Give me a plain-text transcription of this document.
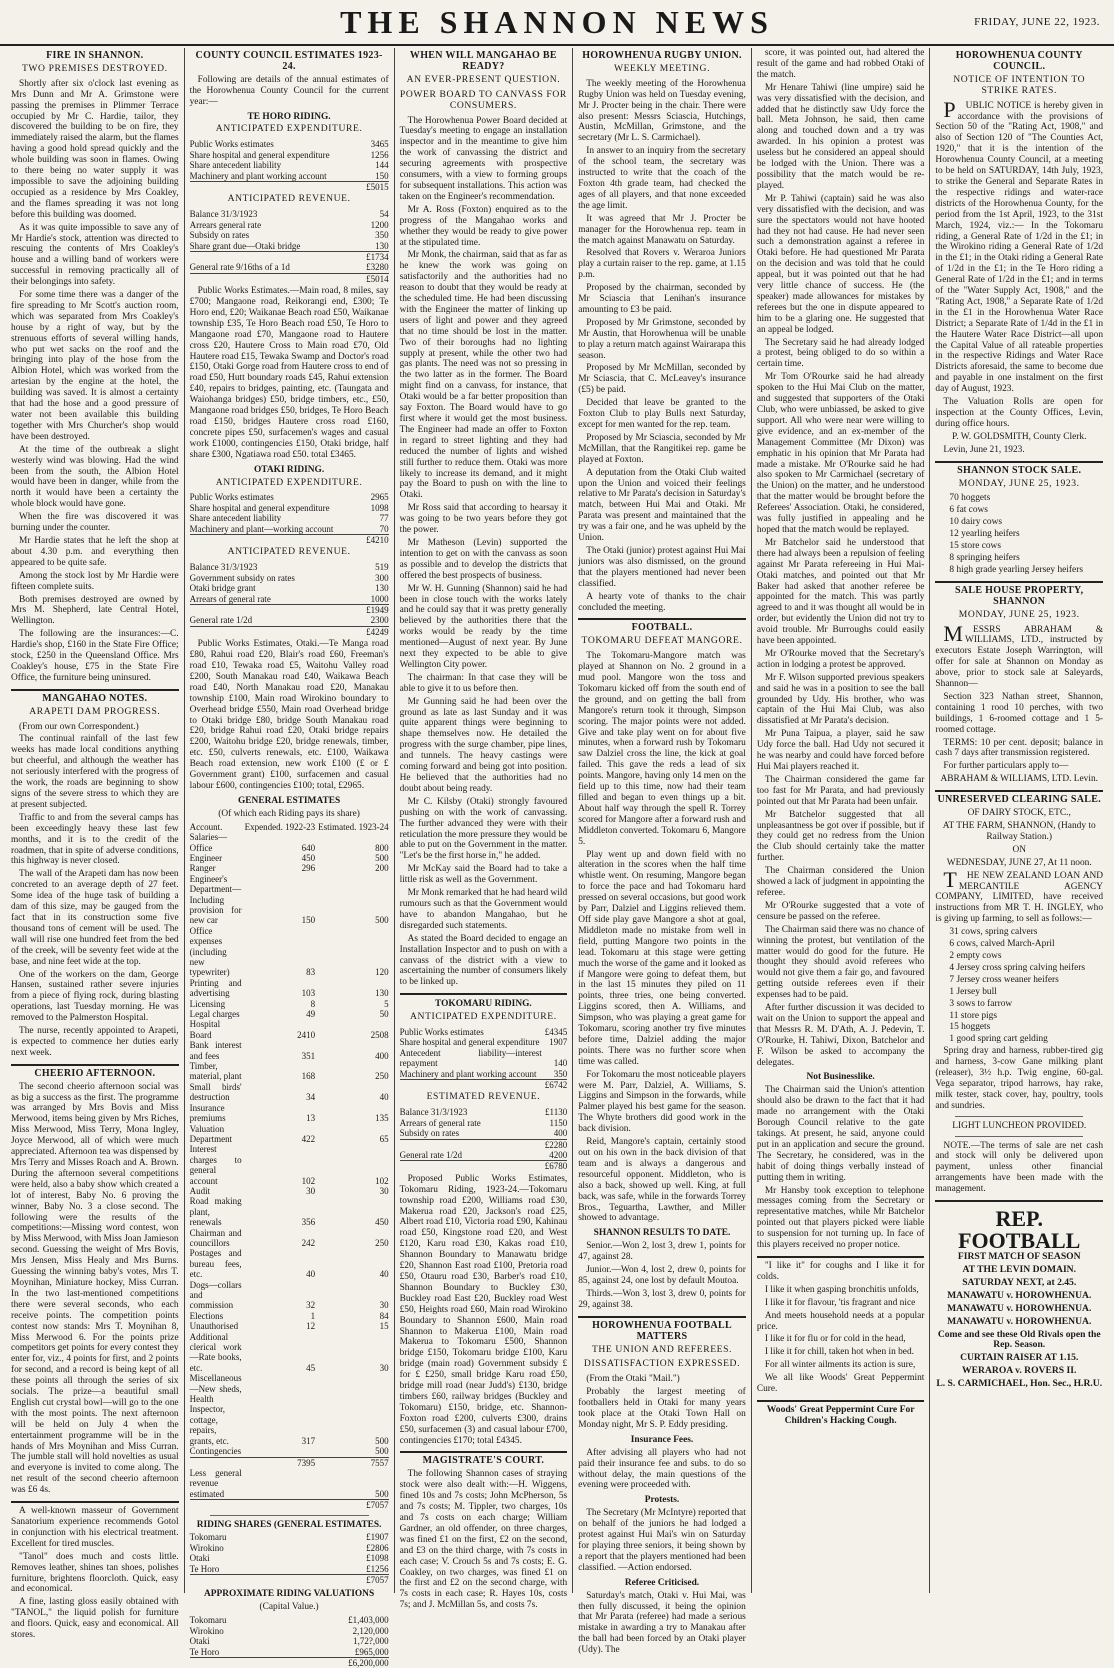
THE SHANNON NEWS	FRIDAY, JUNE 22, 1923.
FIRE IN SHANNON.
TWO PREMISES DESTROYED.

Shortly after six o'clock last evening as Mrs Dunn and Mr A. Grimstone were passing the premises in Plimmer Terrace occupied by Mr C. Hardie, tailor, they discovered the building to be on fire, they immediately raised the alarm, but the flames having a good hold spread quickly and the whole building was soon in flames. Owing to there being no water supply it was impossible to save the adjoining building occupied as a residence by Mrs Coakley, and the flames spreading it was not long before this building was doomed.

As it was quite impossible to save any of Mr Hardie's stock, attention was directed to rescuing the contents of Mrs Coakley's house and a willing band of workers were successful in removing practically all of their belongings into safety.

For some time there was a danger of the fire spreading to Mr Scott's auction room, which was separated from Mrs Coakley's house by a right of way, but by the strenuous efforts of several willing hands, who put wet sacks on the roof and the bringing into play of the hose from the Albion Hotel, which was worked from the artesian by the engine at the hotel, the building was saved. It is almost a certainty that had the hose and a good pressure of water not been available this building together with Mrs Churcher's shop would have been destroyed.

At the time of the outbreak a slight westerly wind was blowing. Had the wind been from the south, the Albion Hotel would have been in danger, while from the north it would have been a certainty the whole block would have gone.

When the fire was discovered it was burning under the counter.

Mr Hardie states that he left the shop at about 4.30 p.m. and everything then appeared to be quite safe.

Among the stock lost by Mr Hardie were fifteen complete suits.

Both premises destroyed are owned by Mrs M. Shepherd, late Central Hotel, Wellington.

The following are the insurances:—C. Hardie's shop, £160 in the State Fire Office; stock, £250 in the Queensland Office. Mrs Coakley's house, £75 in the State Fire Office, the furniture being uninsured.

MANGAHAO NOTES.
ARAPETI DAM PROGRESS.

(From our own Correspondent.)

The continual rainfall of the last few weeks has made local conditions anything but cheerful, and although the weather has not seriously interfered with the progress of the work, the roads are beginning to show signs of the severe stress to which they are at present subjected.

Traffic to and from the several camps has been exceedingly heavy these last few months, and it is to the credit of the roadmen, that in spite of adverse conditions, this highway is never closed.

The wall of the Arapeti dam has now been concreted to an average depth of 27 feet. Some idea of the huge task of building a dam of this size, may be gauged from the fact that in its construction some five thousand tons of cement will be used. The wall will rise one hundred feet from the bed of the creek, will be seventy feet wide at the base, and nine feet wide at the top.

One of the workers on the dam, George Hansen, sustained rather severe injuries from a piece of flying rock, during blasting operations, last Tuesday morning. He was removed to the Palmerston Hospital.

The nurse, recently appointed to Arapeti, is expected to commence her duties early next week.

CHEERIO AFTERNOON.

The second cheerio afternoon social was as big a success as the first. The programme was arranged by Mrs Bovis and Miss Merwood, items being given by Mrs Riches, Miss Merwood, Miss Terry, Mona Ingley, Joyce Merwood, all of which were much appreciated. Afternoon tea was dispensed by Mrs Terry and Misses Roach and A. Brown. During the afternoon several competitions were held, also a baby show which created a lot of interest, Baby No. 6 proving the winner, Baby No. 3 a close second. The following were the results of the competitions:—Missing word contest, won by Miss Merwood, with Miss Joan Jamieson second. Guessing the weight of Mrs Bovis, Mrs Jensen, Miss Healy and Mrs Burns. Guessing the winning baby's votes, Mrs T. Moynihan, Miniature hockey, Miss Curran. In the two last-mentioned competitions there were several seconds, who each receive points. The competition points contest now stands: Mrs T. Moynihan 8, Miss Merwood 6. For the points prize competitors get points for every contest they enter for, viz., 4 points for first, and 2 points for second, and a record is being kept of all these points all through the series of six socials. The prize—a beautiful small English cut crystal bowl—will go to the one with the most points. The next afternoon will be held on July 4 when the entertainment programme will be in the hands of Mrs Moynihan and Miss Curran. The jumble stall will hold novelties as usual and everyone is invited to come along. The net result of the second cheerio afternoon was £6 4s.

A well-known masseur of Government Sanatorium experience recommends Gotol in conjunction with his electrical treatment. Excellent for tired muscles.

"Tanol" does much and costs little. Removes leather, shines tan shoes, polishes furniture, brightens floorcloth. Quick, easy and economical.

A fine, lasting gloss easily obtained with "TANOL," the liquid polish for furniture and floors. Quick, easy and economical. All stores.

COUNTY COUNCIL ESTIMATES 1923-24.

Following are details of the annual estimates of the Horowhenua County Council for the current year:—

TE HORO RIDING.
ANTICIPATED EXPENDITURE.
Public Works estimates	3465
Share hospital and general expenditure	1256
Share antecedent liability	144
Machinery and plant working account	150
	£5015
ANTICIPATED REVENUE.
Balance 31/3/1923	54
Arrears general rate	1200
Subsidy on rates	350
Share grant due—Otaki bridge	130
	£1734
General rate 9/16ths of a 1d	£3280
	£5014

Public Works Estimates.—Main road, 8 miles, say £700; Mangaone road, Reikorangi end, £300; Te Horo end, £20; Waikanae Beach road £50, Waikanae township £35, Te Horo Beach road £50, Te Horo to Mangaone road £70, Mangaone road to Hautere cross £20, Hautere Cross to Main road £70, Old Hautere road £15, Tewaka Swamp and Doctor's road £150, Otaki Gorge road from Hautere cross to end of road £50, Hutt boundary roads £45, Rahui extension £40, repairs to bridges, painting, etc. (Taungata and Waiohanga bridges) £50, bridge timbers, etc., £50, Mangaone road bridges £50, bridges, Te Horo Beach road £150, bridges Hautere cross road £160, concrete pipes £50, surfacemen's wages and casual work £1000, contingencies £150, Otaki bridge, half share £300, Ngatiawa road £50. total £3465.

OTAKI RIDING.
ANTICIPATED EXPENDITURE.
Public Works estimates	2965
Share hospital and general expenditure	1098
Share antecedent liability	77
Machinery and plant—working account	70
	£4210
ANTICIPATED REVENUE.
Balance 31/3/1923	519
Government subsidy on rates	300
Otaki bridge grant	130
Arrears of general rate	1000
	£1949
General rate 1/2d	2300
	£4249

Public Works Estimates, Otaki.—Te Manga road £80, Rahui road £20, Blair's road £60, Freeman's road £10, Tewaka road £5, Waitohu Valley road £200, South Manakau road £40, Waikawa Beach road £40, North Manakau road £20, Manakau township £100, Main road Wirokino boundary to Overhead bridge £550, Main road Overhead bridge to Otaki bridge £80, bridge South Manakau road £20, bridge Rahui road £20, Otaki bridge repairs £200, Waitohu bridge £20, bridge renewals, timber, etc. £50, culverts renewals, etc. £100, Waikawa Beach road extension, new work £100 (£ or £ Government grant) £100, surfacemen and casual labour £600, contingencies £100; total, £2965.

GENERAL ESTIMATES

(Of which each Riding pays its share)

Account.	Expended. 1922-23	Estimated. 1923-24
Salaries—		
Office	640	800
Engineer	450	500
Ranger	296	200
Engineer's Department—Including provision for new car	150	500
Office expenses (including new typewriter)	83	120
Printing and advertising	103	130
Licensing	8	5
Legal charges	49	50
Hospital Board	2410	2508
Bank interest and fees	351	400
Timber, material, plant	168	250
Small birds' destruction	34	40
Insurance premiums	13	135
Valuation Department	422	65
Interest charges to general account	102	102
Audit	30	30
Road making plant, renewals	356	450
Chairman and councillors	242	250
Postages and bureau fees, etc.	40	40
Dogs—collars and commission	32	30
Elections	1	84
Unauthorised	12	15
Additional clerical work—Rate books, etc.	45	30
Miscellaneous—New sheds, Health Inspector, cottage, repairs, grants, etc.	317	500
Contingencies		500
	7395	7557
Less general revenue estimated		500
		£7057
RIDING SHARES (GENERAL ESTIMATES.
Tokomaru	£1907
Wirokino	£2806
Otaki	£1098
Te Horo	£1256
	£7057
APPROXIMATE RIDING VALUATIONS

(Capital Value.)

Tokomaru	£1,403,000
Wirokino	2,120,000
Otaki	1,72?,000
Te Horo	£965,000
	£6,200,000
WHEN WILL MANGAHAO BE READY?
AN EVER-PRESENT QUESTION.
POWER BOARD TO CANVASS FOR CONSUMERS.

The Horowhenua Power Board decided at Tuesday's meeting to engage an installation inspector and in the meantime to give him the work of canvassing the district and securing agreements with prospective consumers, with a view to forming groups for subsequent installations. This action was taken on the Engineer's recommendation.

Mr A. Ross (Foxton) enquired as to the progress of the Mangahao works and whether they would be ready to give power at the stipulated time.

Mr Monk, the chairman, said that as far as he knew the work was going on satisfactorily and the authorities had no reason to doubt that they would be ready at the scheduled time. He had been discussing with the Engineer the matter of linking up users of light and power and they agreed that no time should be lost in the matter. Two of their boroughs had no lighting supply at present, while the other two had gas plants. The need was not so pressing in the two latter as in the former. The Board might find on a canvass, for instance, that Otaki would be a far better proposition than say Foxton. The Board would have to go first where it would get the most business. The Engineer had made an offer to Foxton in regard to street lighting and they had reduced the number of lights and wished still further to reduce them. Otaki was more likely to increase its demand, and it might pay the Board to push on with the line to Otaki.

Mr Ross said that according to hearsay it was going to be two years before they got the power.

Mr Matheson (Levin) supported the intention to get on with the canvass as soon as possible and to develop the districts that offered the best prospects of business.

Mr W. H. Gunning (Shannon) said he had been in close touch with the works lately and he could say that it was pretty generally believed by the authorities there that the works would be ready by the time mentioned—August of next year. By June next they expected to be able to give Wellington City power.

The chairman: In that case they will be able to give it to us before then.

Mr Gunning said he had been over the ground as late as last Sunday and it was quite apparent things were beginning to shape themselves now. He detailed the progress with the surge chamber, pipe lines, and tunnels. The heavy castings were coming forward and being got into position. He believed that the authorities had no doubt about being ready.

Mr C. Kilsby (Otaki) strongly favoured pushing on with the work of canvassing. The further advanced they were with their reticulation the more pressure they would be able to put on the Government in the matter. "Let's be the first horse in," he added.

Mr McKay said the Board had to take a little risk as well as the Government.

Mr Monk remarked that he had heard wild rumours such as that the Government would have to abandon Mangahao, but he disregarded such statements.

As stated the Board decided to engage an Installation Inspector and to push on with a canvass of the district with a view to ascertaining the number of consumers likely to be linked up.

TOKOMARU RIDING.
ANTICIPATED EXPENDITURE.
Public Works estimates	£4345
Share hospital and general expenditure	1907
Antecedent liability—interest repayment	140
Machinery and plant working account	350
	£6742
ESTIMATED REVENUE.
Balance 31/3/1923	£1130
Arrears of general rate	1150
Subsidy on rates	400
	£2280
General rate 1/2d	4200
	£6780

Proposed Public Works Estimates, Tokomaru Riding, 1923-24.—Tokomaru township road £200, Williams road £30, Makerua road £20, Jackson's road £25, Albert road £10, Victoria road £90, Kahinau road £50, Kingstone road £20, and West £120, Karu road £30, Kakas road £10, Shannon Boundary to Manawatu bridge £20, Shannon East road £100, Pretoria road £50, Otauru road £30, Barber's road £10, Shannon Boundary to Buckley £30, Buckley road East £20, Buckley road West £50, Heights road £60, Main road Wirokino Boundary to Shannon £600, Main road Shannon to Makerua £100, Main road Makerua to Tokomaru £500, Shannon bridge £150, Tokomaru bridge £100, Karu bridge (main road) Government subsidy £ for £ £250, small bridge Karu road £50, bridge mill road (near Judd's) £130, bridge timbers £60, railway bridges (Buckley and Tokomaru) £150, bridge, etc. Shannon-Foxton road £200, culverts £300, drains £50, surfacemen (3) and casual labour £700, contingencies £170; total £4345.

MAGISTRATE'S COURT.

The following Shannon cases of straying stock were also dealt with:—H. Wiggens, fined 10s and 7s costs; John McPherson, 5s and 7s costs; M. Tippler, two charges, 10s and 7s costs on each charge; William Gardner, an old offender, on three charges, was fined £1 on the first, £2 on the second, and £3 on the third charge, with 7s costs in each case; V. Crouch 5s and 7s costs; E. G. Coakley, on two charges, was fined £1 on the first and £2 on the second charge, with 7s costs in each case; R. Hayes 10s, costs 7s; and J. McMillan 5s, and costs 7s.

HOROWHENUA RUGBY UNION.
WEEKLY MEETING.

The weekly meeting of the Horowhenua Rugby Union was held on Tuesday evening, Mr J. Procter being in the chair. There were also present: Messrs Sciascia, Hutchings, Austin, McMillan, Grimstone, and the secretary (Mr L. S. Carmichael).

In answer to an inquiry from the secretary of the school team, the secretary was instructed to write that the coach of the Foxton 4th grade team, had checked the ages of all players, and that none exceeded the age limit.

It was agreed that Mr J. Procter be manager for the Horowhenua rep. team in the match against Manawatu on Saturday.

Resolved that Rovers v. Weraroa Juniors play a curtain raiser to the rep. game, at 1.15 p.m.

Proposed by the chairman, seconded by Mr Sciascia that Lenihan's insurance amounting to £3 be paid.

Proposed by Mr Grimstone, seconded by Mr Austin, that Horowhenua will be unable to play a return match against Wairarapa this season.

Proposed by Mr McMillan, seconded by Mr Sciascia, that C. McLeavey's insurance (£5) be paid.

Decided that leave be granted to the Foxton Club to play Bulls next Saturday, except for men wanted for the rep. team.

Proposed by Mr Sciascia, seconded by Mr McMillan, that the Rangitikei rep. game be played at Foxton.

A deputation from the Otaki Club waited upon the Union and voiced their feelings relative to Mr Parata's decision in Saturday's match, between Hui Mai and Otaki. Mr Parata was present and maintained that the try was a fair one, and he was upheld by the Union.

The Otaki (junior) protest against Hui Mai juniors was also dismissed, on the ground that the players mentioned had never been classified.

A hearty vote of thanks to the chair concluded the meeting.

FOOTBALL.
TOKOMARU DEFEAT MANGORE.

The Tokomaru-Mangore match was played at Shannon on No. 2 ground in a mud pool. Mangore won the toss and Tokomaru kicked off from the south end of the ground, and on getting the ball from Mangore's return took it through, Simpson scoring. The major points were not added. Give and take play went on for about five minutes, when a forward rush by Tokomaru saw Dalziel cross the line, the kick at goal failed. This gave the reds a lead of six points. Mangore, having only 14 men on the field up to this time, now had their team filled and began to even things up a bit. About half way through the spell R. Torrey scored for Mangore after a forward rush and Middleton converted. Tokomaru 6, Mangore 5.

Play went up and down field with no alteration in the scores when the half time whistle went. On resuming, Mangore began to force the pace and had Tokomaru hard pressed on several occasions, but good work by Parr, Dalziel and Liggins relieved them. Off side play gave Mangore a shot at goal, Middleton made no mistake from well in field, putting Mangore two points in the lead. Tokomaru at this stage were getting much the worse of the game and it looked as if Mangore were going to defeat them, but in the last 15 minutes they piled on 11 points, three tries, one being converted. Liggins scored, then A. Williams, and Simpson, who was playing a great game for Tokomaru, scoring another try five minutes before time, Dalziel adding the major points. There was no further score when time was called.

For Tokomaru the most noticeable players were M. Parr, Dalziel, A. Williams, S. Liggins and Simpson in the forwards, while Palmer played his best game for the season. The Whyte brothers did good work in the back division.

Reid, Mangore's captain, certainly stood out on his own in the back division of that team and is always a dangerous and resourceful opponent. Middleton, who is also a back, showed up well. King, at full back, was safe, while in the forwards Torrey Bros., Teguartha, Lawther, and Miller showed to advantage.

SHANNON RESULTS TO DATE.

Senior.—Won 2, lost 3, drew 1, points for 47, against 28.

Junior.—Won 4, lost 2, drew 0, points for 85, against 24, one lost by default Moutoa.

Thirds.—Won 3, lost 3, drew 0, points for 29, against 38.

HOROWHENUA FOOTBALL MATTERS
THE UNION AND REFEREES.
DISSATISFACTION EXPRESSED.

(From the Otaki "Mail.")

Probably the largest meeting of footballers held in Otaki for many years took place at the Otaki Town Hall on Monday night, Mr S. P. Eddy presiding.

Insurance Fees.

After advising all players who had not paid their insurance fee and subs. to do so without delay, the main questions of the evening were proceeded with.

Protests.

The Secretary (Mr McIntyre) reported that on behalf of the juniors he had lodged a protest against Hui Mai's win on Saturday for playing three seniors, it being shown by a report that the players mentioned had been classified. —Action endorsed.

Referee Criticised.

Saturday's match, Otaki v. Hui Mai, was then fully discussed, it being the opinion that Mr Parata (referee) had made a serious mistake in awarding a try to Manakau after the ball had been forced by an Otaki player (Udy). The

score, it was pointed out, had altered the result of the game and had robbed Otaki of the match.

Mr Henare Tahiwi (line umpire) said he was very dissatisfied with the decision, and added that he distinctly saw Udy force the ball. Meta Johnson, he said, then came along and touched down and a try was awarded. In his opinion a protest was useless but he considered an appeal should be lodged with the Union. There was a possibility that the match would be re-played.

Mr P. Tahiwi (captain) said he was also very dissatisfied with the decision, and was sure the spectators would not have hooted had they not had cause. He had never seen such a demonstration against a referee in Otaki before. He had questioned Mr Parata on the decision and was told that he could appeal, but it was pointed out that he had very little chance of success. He (the speaker) made allowances for mistakes by referees but the one in dispute appeared to him to be a glaring one. He suggested that an appeal be lodged.

The Secretary said he had already lodged a protest, being obliged to do so within a certain time.

Mr Tom O'Rourke said he had already spoken to the Hui Mai Club on the matter, and suggested that supporters of the Otaki Club, who were unbiassed, be asked to give support. All who were near were willing to give evidence, and an ex-member of the Management Committee (Mr Dixon) was emphatic in his opinion that Mr Parata had made a mistake. Mr O'Rourke said he had also spoken to Mr Carmichael (secretary of the Union) on the matter, and he understood that the matter would be brought before the Referees' Association. Otaki, he considered, was fully justified in appealing and he hoped that the match would be replayed.

Mr Batchelor said he understood that there had always been a repulsion of feeling against Mr Parata refereeing in Hui Mai-Otaki matches, and pointed out that Mr Baker had asked that another referee be appointed for the match. This was partly agreed to and it was thought all would be in order, but evidently the Union did not try to avoid trouble. Mr Burroughs could easily have been appointed.

Mr O'Rourke moved that the Secretary's action in lodging a protest be approved.

Mr F. Wilson supported previous speakers and said he was in a position to see the ball grounded by Udy. His brother, who was captain of the Hui Mai Club, was also dissatisfied at Mr Parata's decision.

Mr Puna Taipua, a player, said he saw Udy force the ball. Had Udy not secured it he was nearby and could have forced before Hui Mai players reached it.

The Chairman considered the game far too fast for Mr Parata, and had previously pointed out that Mr Parata had been unfair.

Mr Batchelor suggested that all unpleasantness be got over if possible, but if they could get no redress from the Union the Club should certainly take the matter further.

The Chairman considered the Union showed a lack of judgment in appointing the referee.

Mr O'Rourke suggested that a vote of censure be passed on the referee.

The Chairman said there was no chance of winning the protest, but ventilation of the matter would do good for the future. He thought they should avoid referees who would not give them a fair go, and favoured getting outside referees even if their expenses had to be paid.

After further discussion it was decided to wait on the Union to support the appeal and that Messrs R. M. D'Ath, A. J. Pedevin, T. O'Rourke, H. Tahiwi, Dixon, Batchelor and F. Wilson be asked to accompany the delegates.

Not Businesslike.

The Chairman said the Union's attention should also be drawn to the fact that it had made no arrangement with the Otaki Borough Council relative to the gate takings. At present, he said, anyone could put in an application and secure the ground. The Secretary, he considered, was in the habit of doing things verbally instead of putting them in writing.

Mr Hansby took exception to telephone messages coming from the Secretary or representative matches, while Mr Batchelor pointed out that players picked were liable to suspension for not turning up. In face of this players received no proper notice.

"I like it" for coughs and I like it for colds.

I like it when gasping bronchitis unfolds,

I like it for flavour, 'tis fragrant and nice

And meets household needs at a popular price.

I like it for flu or for cold in the head,

I like it for chill, taken hot when in bed.

For all winter ailments its action is sure,

We all like Woods' Great Peppermint Cure.

Woods' Great Peppermint Cure For Children's Hacking Cough.

HOROWHENUA COUNTY COUNCIL.
NOTICE OF INTENTION TO STRIKE RATES.

PUBLIC NOTICE is hereby given in accordance with the provisions of Section 50 of the "Rating Act, 1908," and also of Section 120 of "The Counties Act, 1920," that it is the intention of the Horowhenua County Council, at a meeting to be held on SATURDAY, 14th July, 1923, to strike the General and Separate Rates in the respective ridings and water-race districts of the Horowhenua County, for the period from the 1st April, 1923, to the 31st March, 1924, viz.:— In the Tokomaru riding, a General Rate of 1/2d in the £1; in the Wirokino riding a General Rate of 1/2d in the £1; in the Otaki riding a General Rate of 1/2d in the £1; in the Te Horo riding a General Rate of 1/2d in the £1; and in terms of the "Water Supply Act, 1908," and the "Rating Act, 1908," a Separate Rate of 1/2d in the £1 in the Horowhenua Water Race District; a Separate Rate of 1/4d in the £1 in the Hautere Water Race District—all upon the Capital Value of all rateable properties in the respective Ridings and Water Race Districts aforesaid, the same to become due and payable in one instalment on the first day of August, 1923.

The Valuation Rolls are open for inspection at the County Offices, Levin, during office hours.

P. W. GOLDSMITH, County Clerk.

Levin, June 21, 1923.

SHANNON STOCK SALE.
MONDAY, JUNE 25, 1923.

70 hoggets

6 fat cows

10 dairy cows

12 yearling heifers

15 store cows

8 springing heifers

8 high grade yearling Jersey heifers

SALE HOUSE PROPERTY, SHANNON
MONDAY, JUNE 25, 1923.

MESSRS ABRAHAM & WILLIAMS, LTD., instructed by executors Estate Joseph Warrington, will offer for sale at Shannon on Monday as above, prior to stock sale at Saleyards, Shannon—

Section 323 Nathan street, Shannon, containing 1 rood 10 perches, with two buildings, 1 6-roomed cottage and 1 5-roomed cottage.

TERMS: 10 per cent. deposit; balance in cash 7 days after transmission registered.

For further particulars apply to—

ABRAHAM & WILLIAMS, LTD. Levin.

UNRESERVED CLEARING SALE.

OF DAIRY STOCK, ETC.,

AT THE FARM, SHANNON, (Handy to Railway Station.)

ON

WEDNESDAY, JUNE 27, At 11 noon.

THE NEW ZEALAND LOAN AND MERCANTILE AGENCY COMPANY, LIMITED, have received instructions from MR T. H. INGLEY, who is giving up farming, to sell as follows:—

31 cows, spring calvers

6 cows, calved March-April

2 empty cows

4 Jersey cross spring calving heifers

7 Jersey cross weaner heifers

1 Jersey bull

3 sows to farrow

11 store pigs

15 hoggets

1 good spring cart gelding

Spring dray and harness, rubber-tired gig and harness, 3-cow Gane milking plant (releaser), 3½ h.p. Twig engine, 60-gal. Vega separator, tripod harrows, hay rake, milk tester, stack cover, hay, poultry, tools and sundries.

LIGHT LUNCHEON PROVIDED.

NOTE.—The terms of sale are net cash and stock will only be delivered upon payment, unless other financial arrangements have been made with the management.

REP. FOOTBALL

FIRST MATCH OF SEASON

AT THE LEVIN DOMAIN.

SATURDAY NEXT, at 2.45.

MANAWATU v. HOROWHENUA.

MANAWATU v. HOROWHENUA.

MANAWATU v. HOROWHENUA.

Come and see these Old Rivals open the Rep. Season.

CURTAIN RAISER AT 1.15.

WERAROA v. ROVERS II.

L. S. CARMICHAEL, Hon. Sec., H.R.U.
